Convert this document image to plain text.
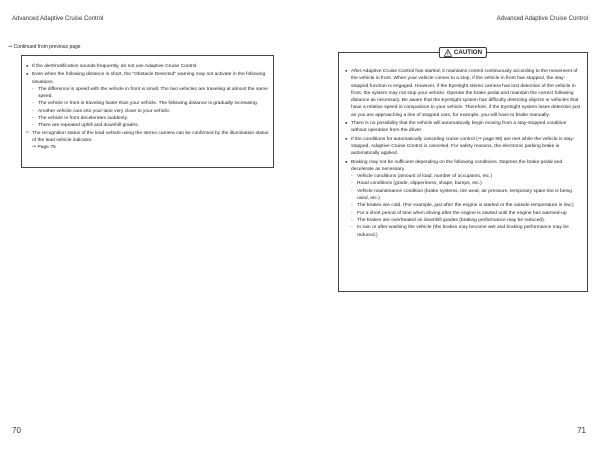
Advanced Adaptive Cruise Control
⇒ Continued from previous page
● If the alert/notification sounds frequently, do not use Adaptive Cruise Control.
● Even when the following distance is short, the "Obstacle Detected" warning may not activate in the following situations.
- The difference in speed with the vehicle in front is small. The two vehicles are traveling at almost the same speed.
- The vehicle in front is traveling faster than your vehicle. The following distance is gradually increasing.
- Another vehicle cuts into your lane very close to your vehicle.
- The vehicle in front decelerates suddenly.
- There are repeated uphill and downhill grades.
*: The recognition status of the lead vehicle using the stereo camera can be confirmed by the illumination status of the lead vehicle indicator.
⇒ Page 75
70
Advanced Adaptive Cruise Control
CAUTION
● After Adaptive Cruise Control has started, it maintains control continuously according to the movement of the vehicle in front. When your vehicle comes to a stop, if the vehicle in front has stopped, the stay-stopped function is engaged. However, if the EyeSight stereo camera has lost detection of the vehicle in front, the system may not stop your vehicle. Operate the brake pedal and maintain the correct following distance as necessary. Be aware that the EyeSight system has difficulty detecting objects or vehicles that have a relative speed in comparison to your vehicle. Therefore, if the EyeSight system loses detection just as you are approaching a line of stopped cars, for example, you will have to brake manually.
● There is no possibility that the vehicle will automatically begin moving from a stay-stopped condition without operation from the driver.
● If the conditions for automatically canceling cruise control (⇒ page 88) are met while the vehicle is stay-stopped, Adaptive Cruise Control is canceled. For safety reasons, the electronic parking brake is automatically applied.
● Braking may not be sufficient depending on the following conditions. Depress the brake pedal and decelerate as necessary.
- Vehicle conditions (amount of load, number of occupants, etc.)
- Road conditions (grade, slipperiness, shape, bumps, etc.)
- Vehicle maintenance condition (brake systems, tire wear, air pressure, temporary spare tire is being used, etc.)
- The brakes are cold. (For example, just after the engine is started or the outside temperature is low.)
- For a short period of time when driving after the engine is started until the engine has warmed-up
- The brakes are overheated on downhill grades (braking performance may be reduced).
- In rain or after washing the vehicle (the brakes may become wet and braking performance may be reduced.)
71
